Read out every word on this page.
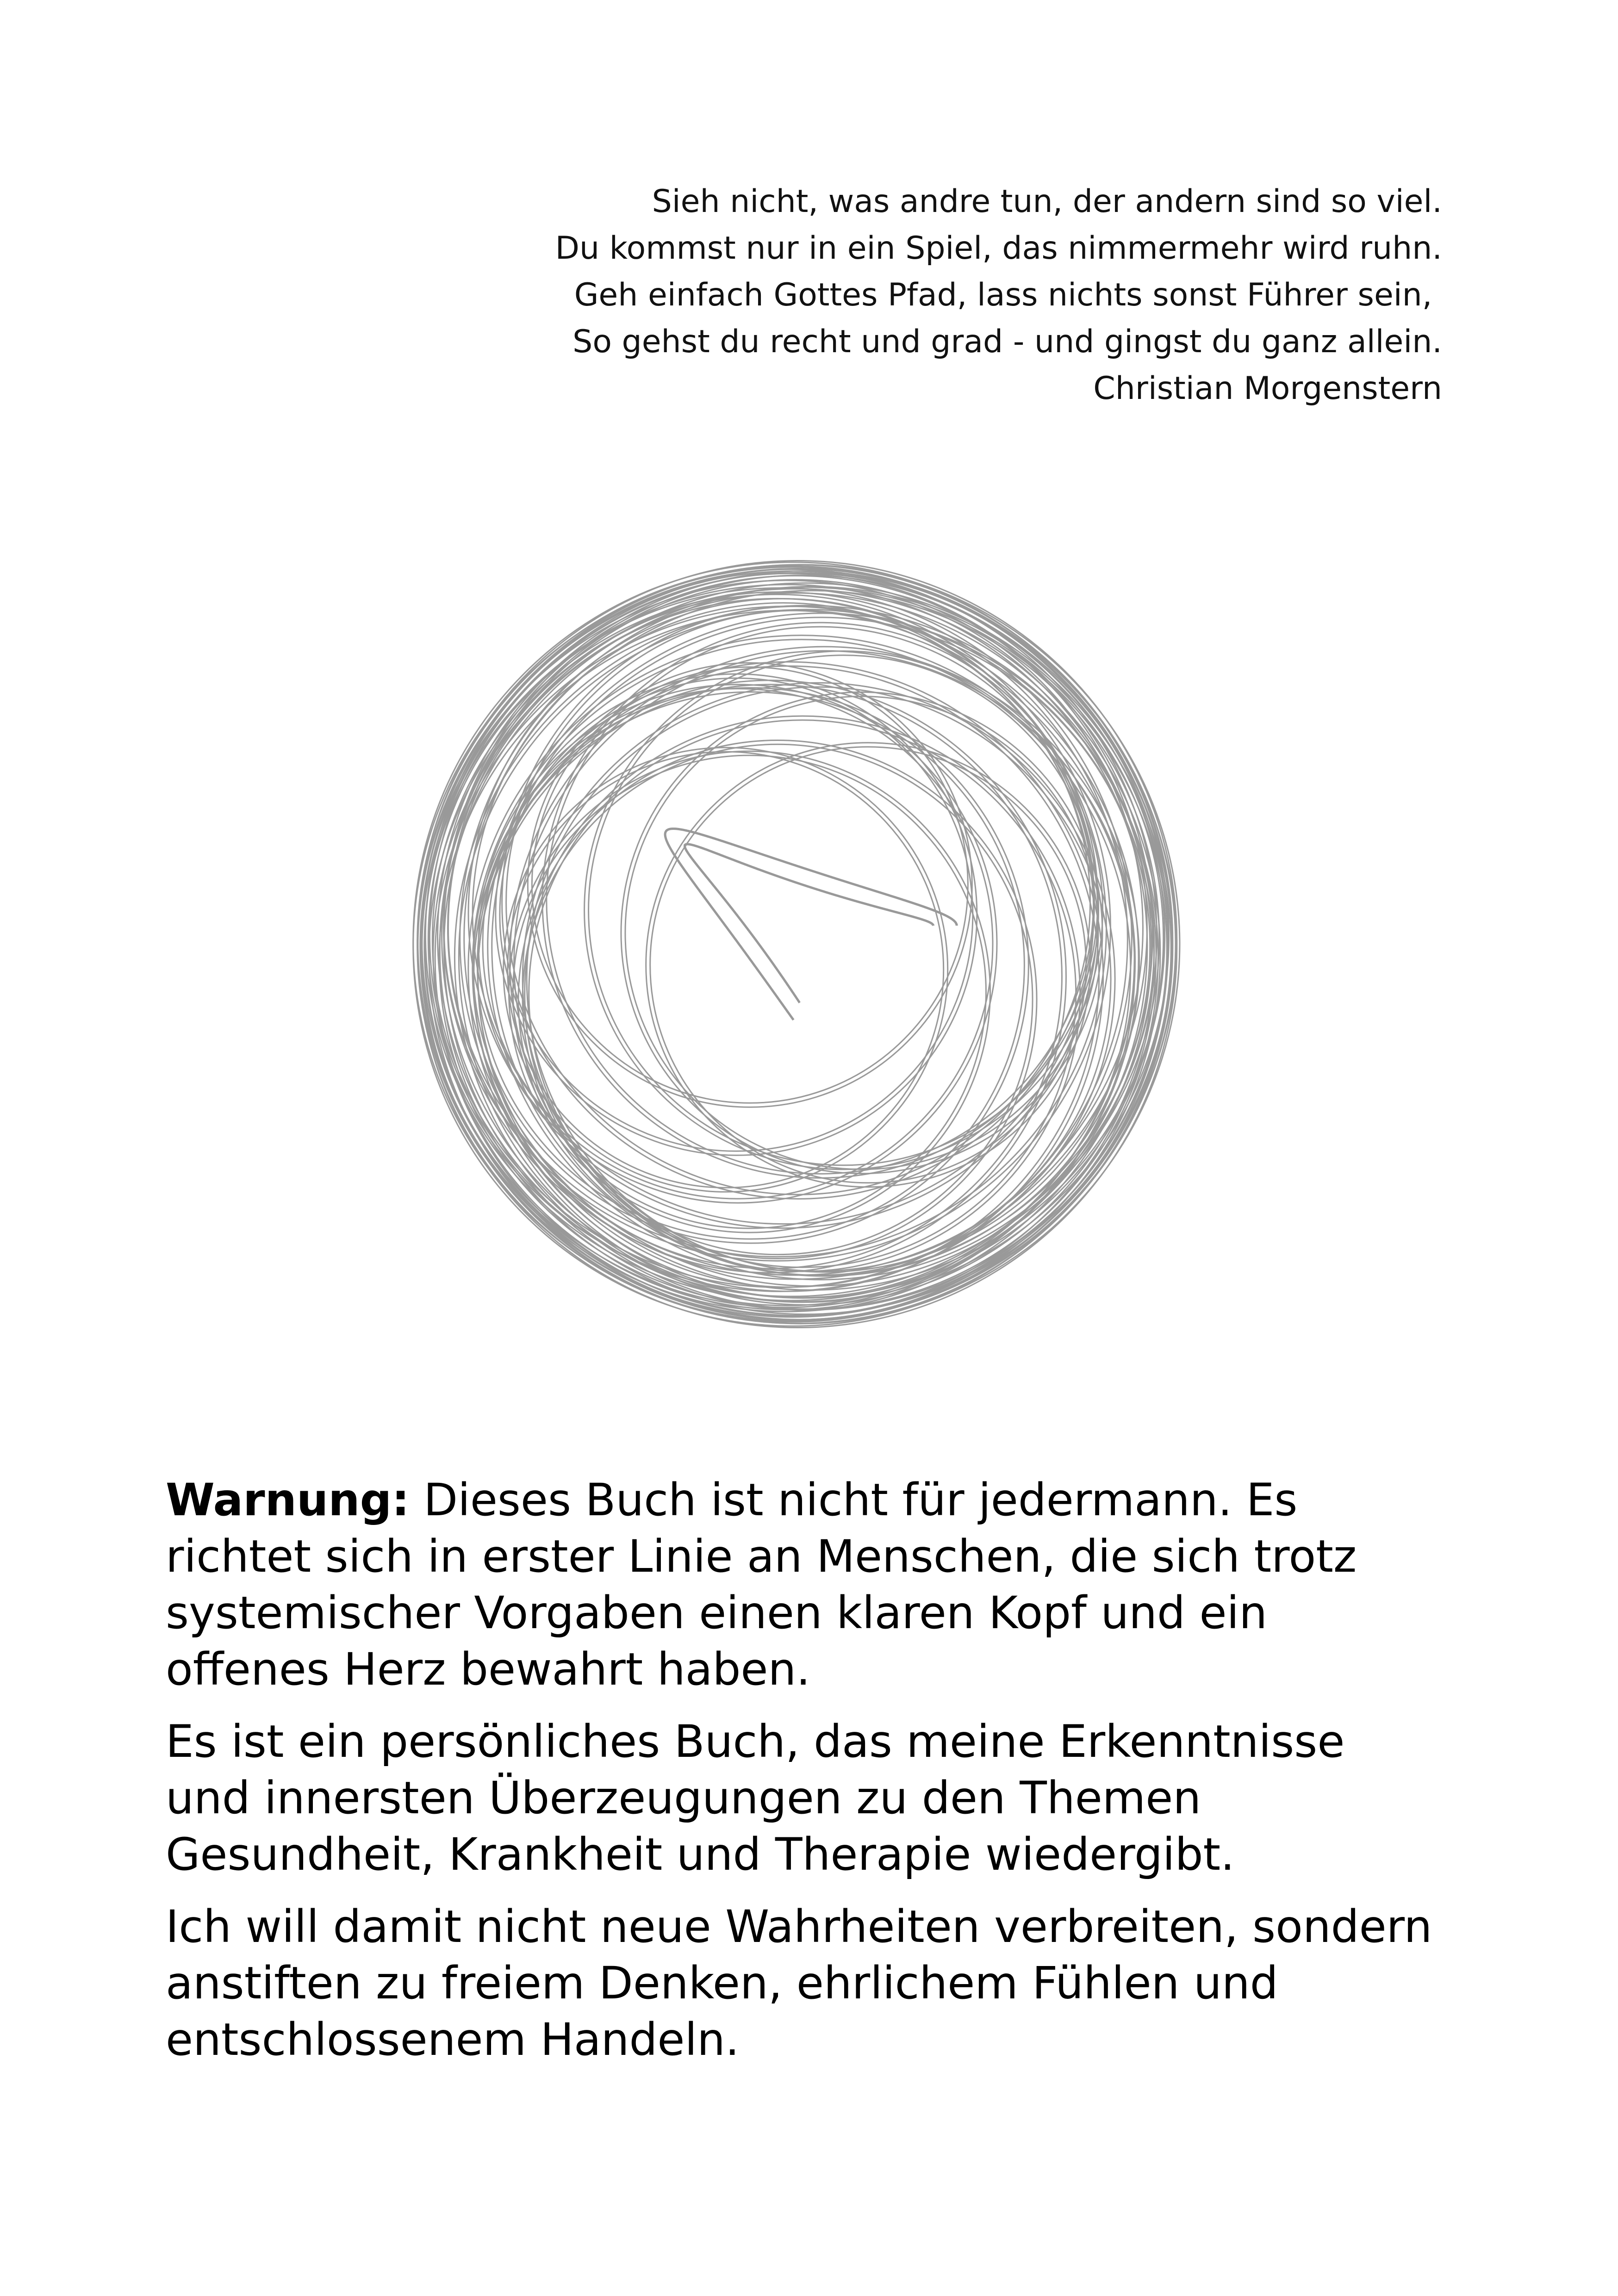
Sieh nicht, was andre tun, der andern sind so viel.
Du kommst nur in ein Spiel, das nimmermehr wird ruhn.
Geh einfach Gottes Pfad, lass nichts sonst Führer sein,
So gehst du recht und grad - und gingst du ganz allein.
Christian Morgenstern

Warnung: Dieses Buch ist nicht für jedermann. Es richtet sich in erster Linie an Menschen, die sich trotz systemischer Vorgaben einen klaren Kopf und ein offenes Herz bewahrt haben.

Es ist ein persönliches Buch, das meine Erkenntnisse und innersten Überzeugungen zu den Themen Gesundheit, Krankheit und Therapie wiedergibt.

Ich will damit nicht neue Wahrheiten verbreiten, sondern anstiften zu freiem Denken, ehrlichem Fühlen und entschlossenem Handeln.
